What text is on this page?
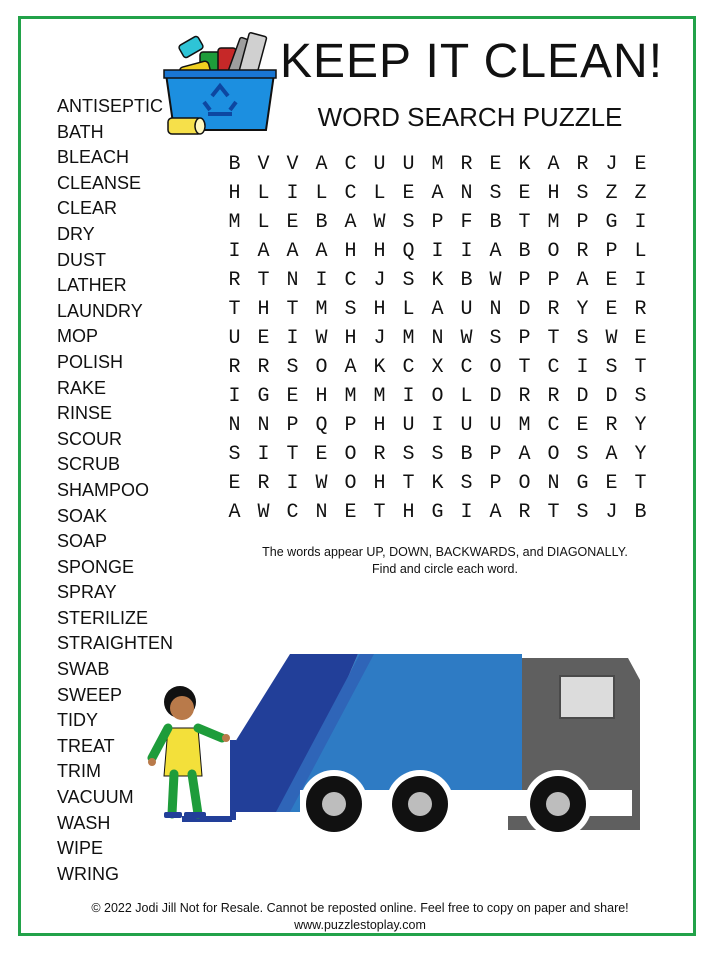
KEEP IT CLEAN!
WORD SEARCH PUZZLE
ANTISEPTIC
BATH
BLEACH
CLEANSE
CLEAR
DRY
DUST
LATHER
LAUNDRY
MOP
POLISH
RAKE
RINSE
SCOUR
SCRUB
SHAMPOO
SOAK
SOAP
SPONGE
SPRAY
STERILIZE
STRAIGHTEN
SWAB
SWEEP
TIDY
TREAT
TRIM
VACUUM
WASH
WIPE
WRING
B V V A C U U M R E K A R J E
H L I L C L E A N S E H S Z Z
M L E B A W S P F B T M P G I
I A A A H H Q I I A B O R P L
R T N I C J S K B W P P A E I
T H T M S H L A U N D R Y E R
U E I W H J M N W S P T S W E
R R S O A K C X C O T C I S T
I G E H M M I O L D R R D D S
N N P Q P H U I U U M C E R Y
S I T E O R S S B P A O S A Y
E R I W O H T K S P O N G E T
A W C N E T H G I A R T S J B
The words appear UP, DOWN, BACKWARDS, and DIAGONALLY.
Find and circle each word.
© 2022 Jodi Jill Not for Resale. Cannot be reposted online. Feel free to copy on paper and share!
www.puzzlestoplay.com
